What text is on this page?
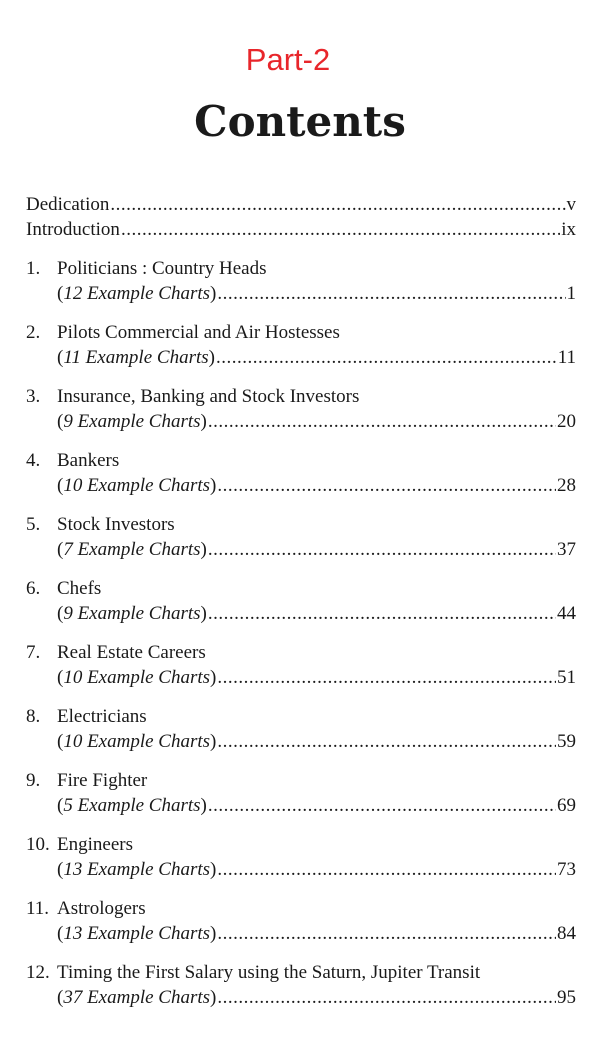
Part-2
Contents
Dedication .....	v
Introduction .....	ix
1. Politicians : Country Heads
(12 Example Charts) .....	1
2. Pilots Commercial and Air Hostesses
(11 Example Charts) .....	11
3. Insurance, Banking and Stock Investors
(9 Example Charts) .....	20
4. Bankers
(10 Example Charts) .....	28
5. Stock Investors
(7 Example Charts) .....	37
6. Chefs
(9 Example Charts) .....	44
7. Real Estate Careers
(10 Example Charts) .....	51
8. Electricians
(10 Example Charts) .....	59
9. Fire Fighter
(5 Example Charts) .....	69
10. Engineers
(13 Example Charts) .....	73
11. Astrologers
(13 Example Charts) .....	84
12. Timing the First Salary using the Saturn, Jupiter Transit
(37 Example Charts) .....	95
